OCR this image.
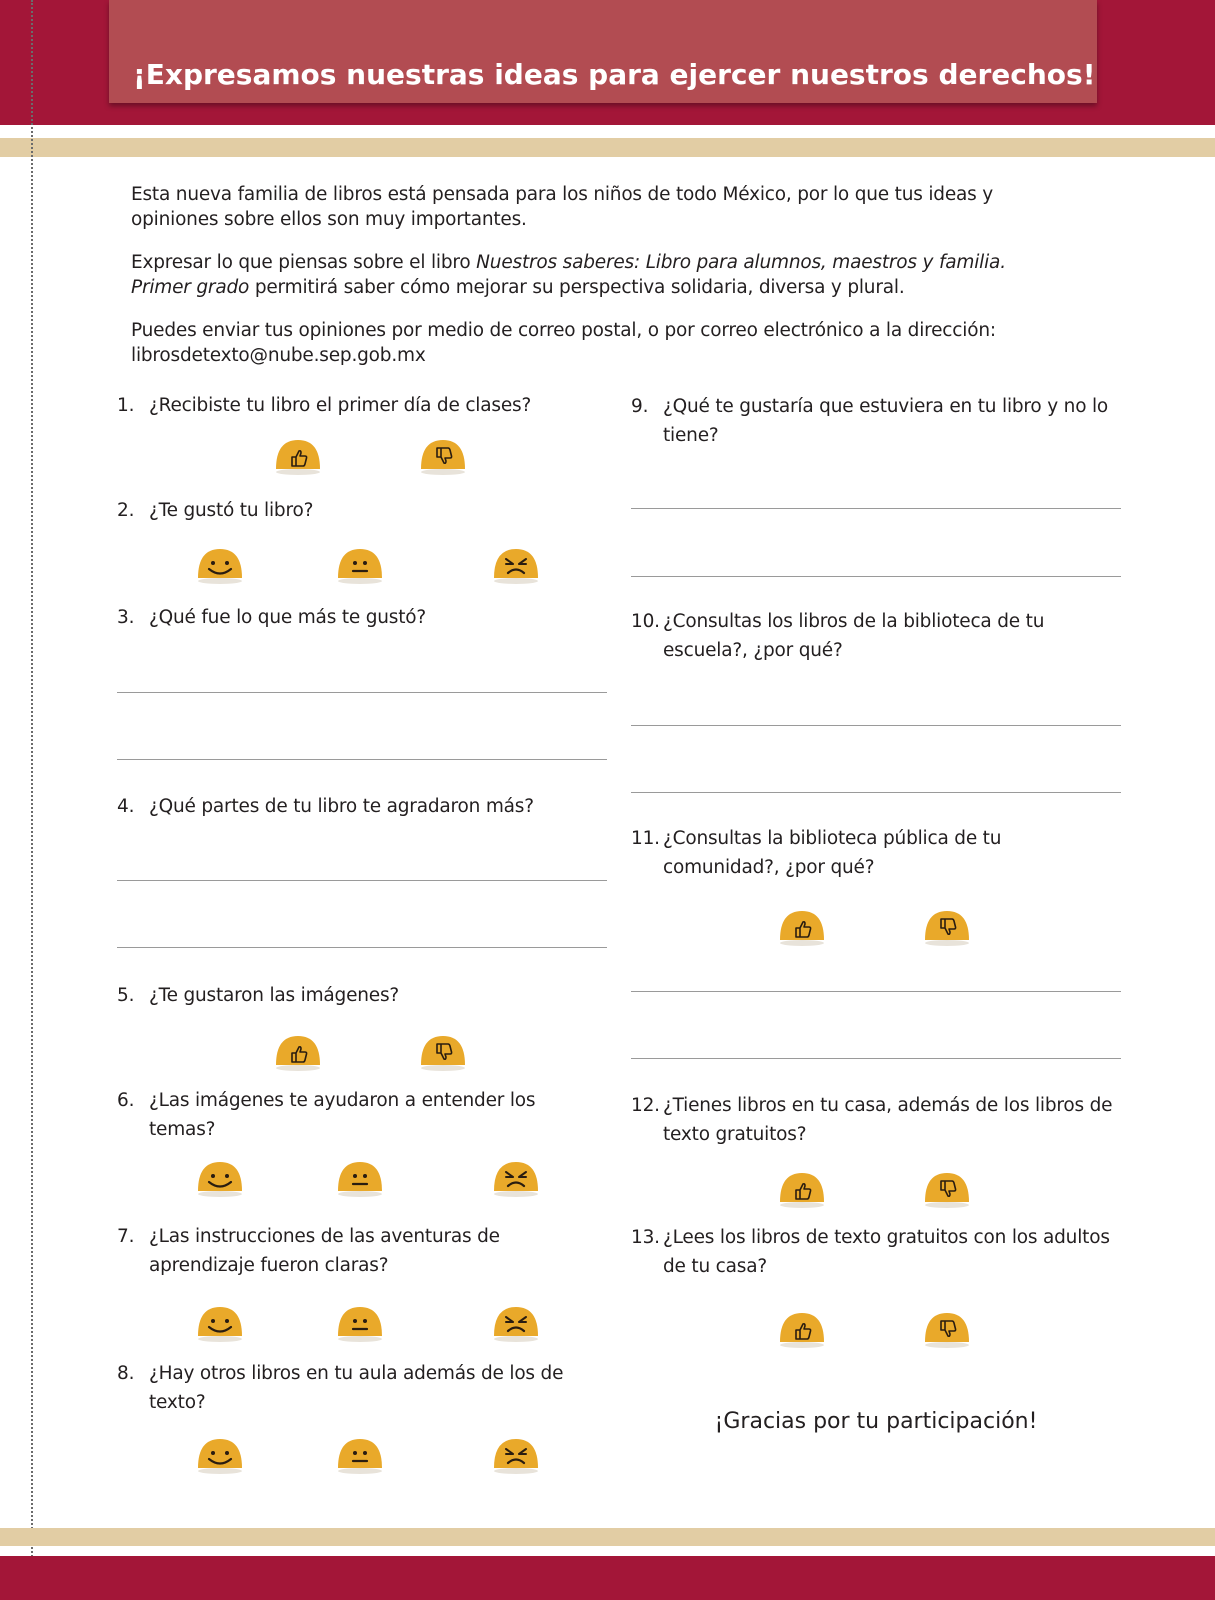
¡Expresamos nuestras ideas para ejercer nuestros derechos!

Esta nueva familia de libros está pensada para los niños de todo México, por lo que tus ideas y opiniones sobre ellos son muy importantes.

Expresar lo que piensas sobre el libro Nuestros saberes: Libro para alumnos, maestros y familia. Primer grado permitirá saber cómo mejorar su perspectiva solidaria, diversa y plural.

Puedes enviar tus opiniones por medio de correo postal, o por correo electrónico a la dirección: librosdetexto@nube.sep.gob.mx

1. ¿Recibiste tu libro el primer día de clases?
2. ¿Te gustó tu libro?
3. ¿Qué fue lo que más te gustó?
4. ¿Qué partes de tu libro te agradaron más?
5. ¿Te gustaron las imágenes?
6. ¿Las imágenes te ayudaron a entender los temas?
7. ¿Las instrucciones de las aventuras de aprendizaje fueron claras?
8. ¿Hay otros libros en tu aula además de los de texto?
9. ¿Qué te gustaría que estuviera en tu libro y no lo tiene?
10. ¿Consultas los libros de la biblioteca de tu escuela?, ¿por qué?
11. ¿Consultas la biblioteca pública de tu comunidad?, ¿por qué?
12. ¿Tienes libros en tu casa, además de los libros de texto gratuitos?
13. ¿Lees los libros de texto gratuitos con los adultos de tu casa?

¡Gracias por tu participación!
